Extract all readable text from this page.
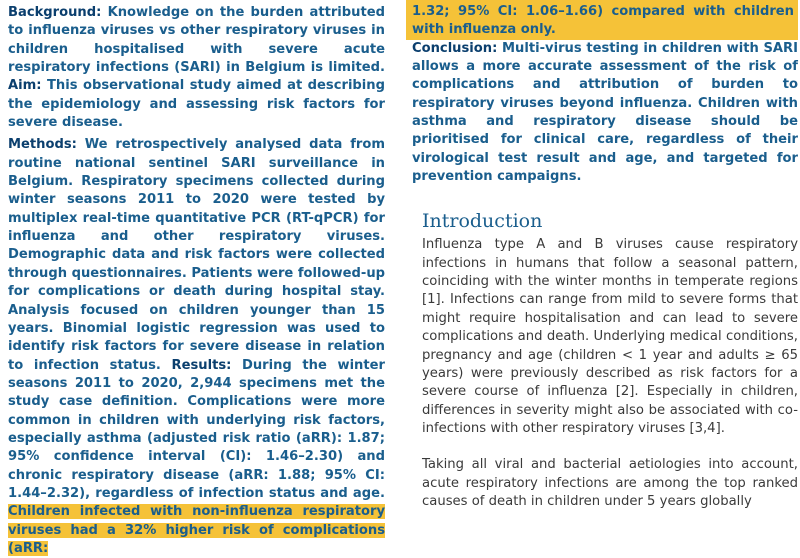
Background: Knowledge on the burden attributed to influenza viruses vs other respiratory viruses in children hospitalised with severe acute respiratory infections (SARI) in Belgium is limited. Aim: This observational study aimed at describing the epidemiology and assessing risk factors for severe disease.

Methods: We retrospectively analysed data from routine national sentinel SARI surveillance in Belgium. Respiratory specimens collected during winter seasons 2011 to 2020 were tested by multiplex real-time quantitative PCR (RT-qPCR) for influenza and other respiratory viruses. Demographic data and risk factors were collected through questionnaires. Patients were followed-up for complications or death during hospital stay. Analysis focused on children younger than 15 years. Binomial logistic regression was used to identify risk factors for severe disease in relation to infection status. Results: During the winter seasons 2011 to 2020, 2,944 specimens met the study case definition. Complications were more common in children with underlying risk factors, especially asthma (adjusted risk ratio (aRR): 1.87; 95% confidence interval (CI): 1.46–2.30) and chronic respiratory disease (aRR: 1.88; 95% CI: 1.44–2.32), regardless of infection status and age. Children infected with non-influenza respiratory viruses had a 32% higher risk of complications (aRR:

1.32; 95% CI: 1.06–1.66) compared with children with influenza only. Conclusion: Multi-virus testing in children with SARI allows a more accurate assessment of the risk of complications and attribution of burden to respiratory viruses beyond influenza. Children with asthma and respiratory disease should be prioritised for clinical care, regardless of their virological test result and age, and targeted for prevention campaigns.

Introduction

Influenza type A and B viruses cause respiratory infections in humans that follow a seasonal pattern, coinciding with the winter months in temperate regions [1]. Infections can range from mild to severe forms that might require hospitalisation and can lead to severe complications and death. Underlying medical conditions, pregnancy and age (children < 1 year and adults ≥ 65 years) were previously described as risk factors for a severe course of influenza [2]. Especially in children, differences in severity might also be associated with co-infections with other respiratory viruses [3,4].

Taking all viral and bacterial aetiologies into account, acute respiratory infections are among the top ranked causes of death in children under 5 years globally
